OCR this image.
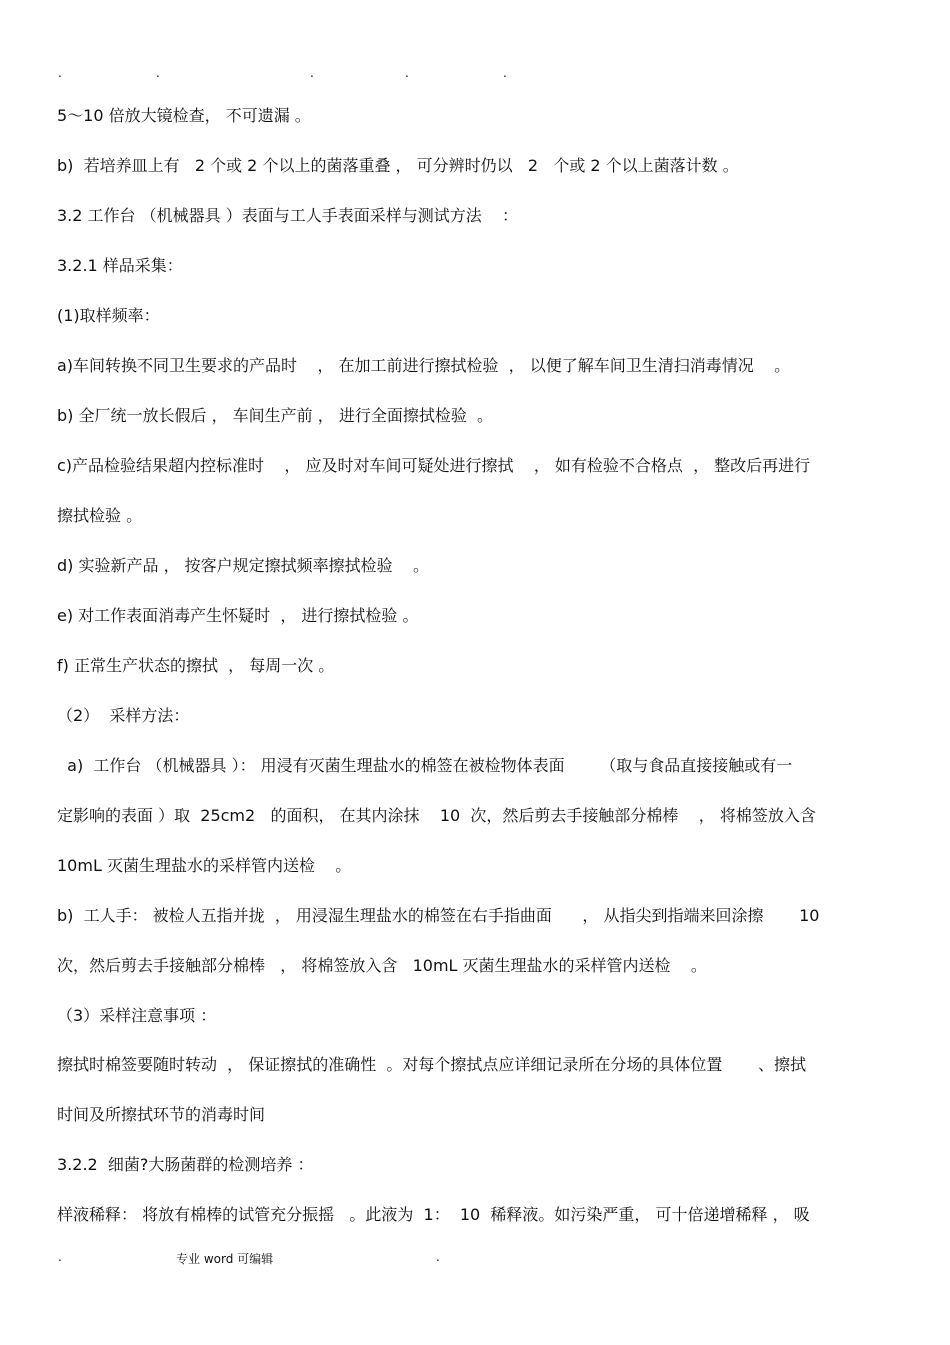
.	.	.	.	.
5～10 倍放大镜检查， 不可遗漏 。
b)  若培养皿上有   2 个或 2 个以上的菌落重叠 ， 可分辨时仍以   2   个或 2 个以上菌落计数 。
3.2 工作台 （机械器具 ）表面与工人手表面采样与测试方法    ：
3.2.1 样品采集：
(1)取样频率：
a)车间转换不同卫生要求的产品时    ， 在加工前进行擦拭检验  ， 以便了解车间卫生清扫消毒情况    。
b) 全厂统一放长假后 ， 车间生产前 ， 进行全面擦拭检验  。
c)产品检验结果超内控标准时    ， 应及时对车间可疑处进行擦拭    ， 如有检验不合格点  ， 整改后再进行
擦拭检验 。
d) 实验新产品 ， 按客户规定擦拭频率擦拭检验    。
e) 对工作表面消毒产生怀疑时  ， 进行擦拭检验 。
f) 正常生产状态的擦拭  ， 每周一次 。
（2）  采样方法：
a)  工作台 （机械器具 ）： 用浸有灭菌生理盐水的棉签在被检物体表面       （取与食品直接接触或有一
定影响的表面 ）取  25cm2   的面积， 在其内涂抹    10  次，然后剪去手接触部分棉棒    ， 将棉签放入含
10mL 灭菌生理盐水的采样管内送检    。
b)  工人手： 被检人五指并拢  ， 用浸湿生理盐水的棉签在右手指曲面      ， 从指尖到指端来回涂擦       10
次，然后剪去手接触部分棉棒   ， 将棉签放入含   10mL 灭菌生理盐水的采样管内送检    。
（3）采样注意事项 ：
擦拭时棉签要随时转动  ， 保证擦拭的准确性  。对每个擦拭点应详细记录所在分场的具体位置       、擦拭
时间及所擦拭环节的消毒时间
3.2.2  细菌?大肠菌群的检测培养 ：
样液稀释： 将放有棉棒的试管充分振摇   。此液为  1：  10  稀释液。如污染严重， 可十倍递增稀释 ， 吸
.	专业 word 可编辑	.
